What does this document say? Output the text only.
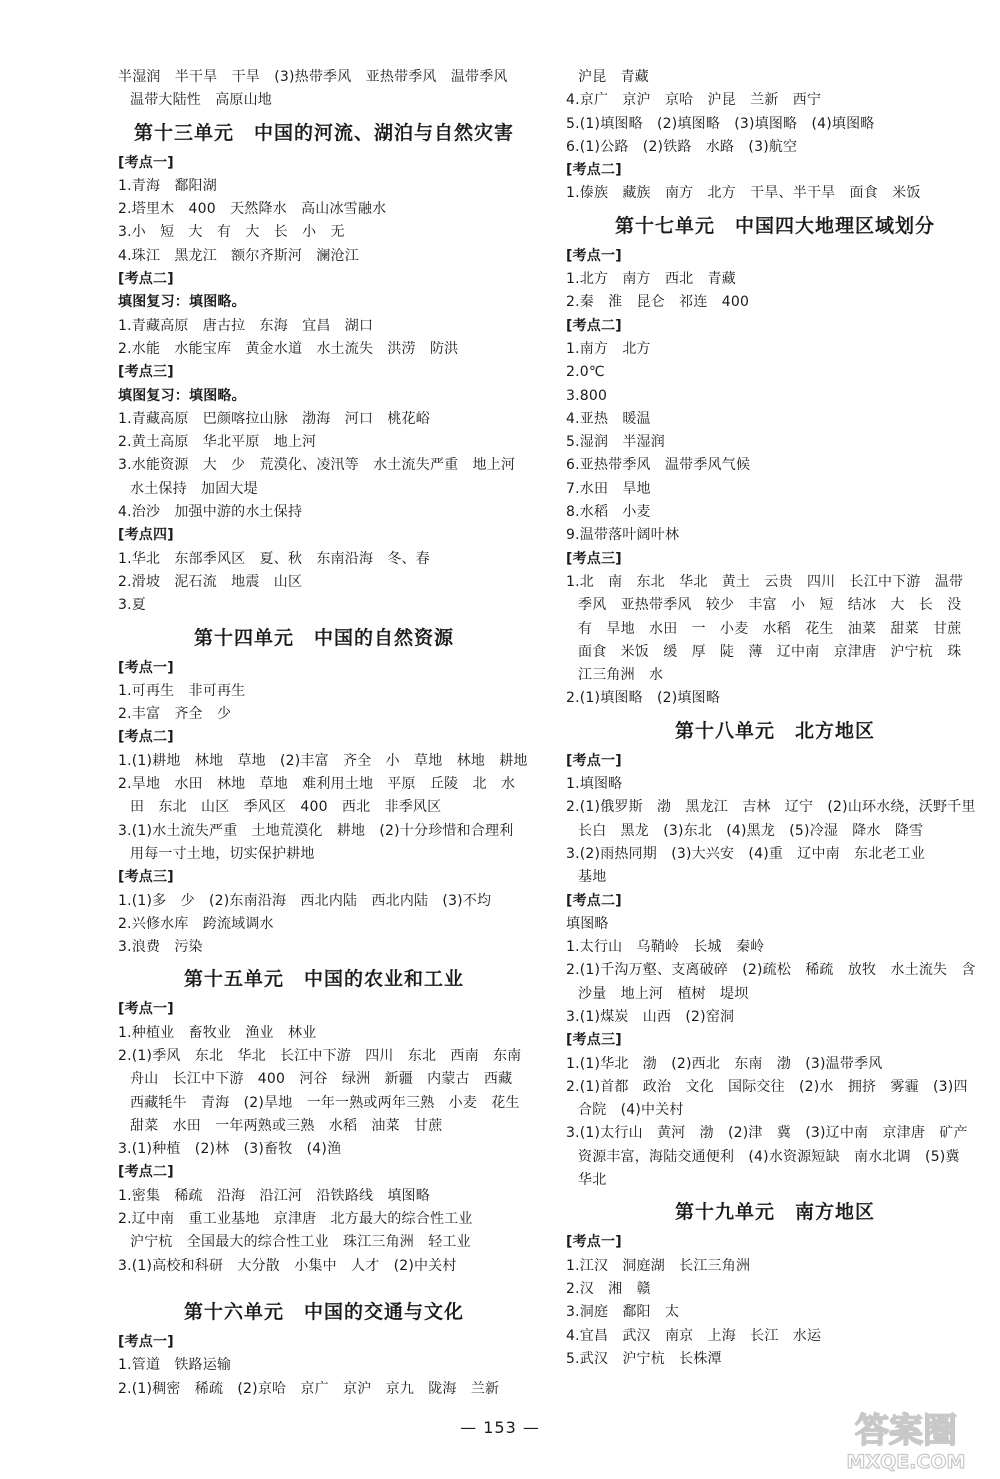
半湿润　半干旱　干旱　(3)热带季风　亚热带季风　温带季风
温带大陆性　高原山地
第十三单元　中国的河流、湖泊与自然灾害
[考点一]
1.青海　鄱阳湖
2.塔里木　400　天然降水　高山冰雪融水
3.小　短　大　有　大　长　小　无
4.珠江　黑龙江　额尔齐斯河　澜沧江
[考点二]
填图复习：填图略。
1.青藏高原　唐古拉　东海　宜昌　湖口
2.水能　水能宝库　黄金水道　水土流失　洪涝　防洪
[考点三]
填图复习：填图略。
1.青藏高原　巴颜喀拉山脉　渤海　河口　桃花峪
2.黄土高原　华北平原　地上河
3.水能资源　大　少　荒漠化、凌汛等　水土流失严重　地上河
水土保持　加固大堤
4.治沙　加强中游的水土保持
[考点四]
1.华北　东部季风区　夏、秋　东南沿海　冬、春
2.滑坡　泥石流　地震　山区
3.夏
第十四单元　中国的自然资源
[考点一]
1.可再生　非可再生
2.丰富　齐全　少
[考点二]
1.(1)耕地　林地　草地　(2)丰富　齐全　小　草地　林地　耕地
2.旱地　水田　林地　草地　难利用土地　平原　丘陵　北　水
田　东北　山区　季风区　400　西北　非季风区
3.(1)水土流失严重　土地荒漠化　耕地　(2)十分珍惜和合理利
用每一寸土地，切实保护耕地
[考点三]
1.(1)多　少　(2)东南沿海　西北内陆　西北内陆　(3)不均
2.兴修水库　跨流域调水
3.浪费　污染
第十五单元　中国的农业和工业
[考点一]
1.种植业　畜牧业　渔业　林业
2.(1)季风　东北　华北　长江中下游　四川　东北　西南　东南
舟山　长江中下游　400　河谷　绿洲　新疆　内蒙古　西藏
西藏牦牛　青海　(2)旱地　一年一熟或两年三熟　小麦　花生
甜菜　水田　一年两熟或三熟　水稻　油菜　甘蔗
3.(1)种植　(2)林　(3)畜牧　(4)渔
[考点二]
1.密集　稀疏　沿海　沿江河　沿铁路线　填图略
2.辽中南　重工业基地　京津唐　北方最大的综合性工业
沪宁杭　全国最大的综合性工业　珠江三角洲　轻工业
3.(1)高校和科研　大分散　小集中　人才　(2)中关村
第十六单元　中国的交通与文化
[考点一]
1.管道　铁路运输
2.(1)稠密　稀疏　(2)京哈　京广　京沪　京九　陇海　兰新
沪昆　青藏
4.京广　京沪　京哈　沪昆　兰新　西宁
5.(1)填图略　(2)填图略　(3)填图略　(4)填图略
6.(1)公路　(2)铁路　水路　(3)航空
[考点二]
1.傣族　藏族　南方　北方　干旱、半干旱　面食　米饭
第十七单元　中国四大地理区域划分
[考点一]
1.北方　南方　西北　青藏
2.秦　淮　昆仑　祁连　400
[考点二]
1.南方　北方
2.0℃
3.800
4.亚热　暖温
5.湿润　半湿润
6.亚热带季风　温带季风气候
7.水田　旱地
8.水稻　小麦
9.温带落叶阔叶林
[考点三]
1.北　南　东北　华北　黄土　云贵　四川　长江中下游　温带
季风　亚热带季风　较少　丰富　小　短　结冰　大　长　没
有　旱地　水田　一　小麦　水稻　花生　油菜　甜菜　甘蔗
面食　米饭　缓　厚　陡　薄　辽中南　京津唐　沪宁杭　珠
江三角洲　水
2.(1)填图略　(2)填图略
第十八单元　北方地区
[考点一]
1.填图略
2.(1)俄罗斯　渤　黑龙江　吉林　辽宁　(2)山环水绕，沃野千里
长白　黑龙　(3)东北　(4)黑龙　(5)冷湿　降水　降雪
3.(2)雨热同期　(3)大兴安　(4)重　辽中南　东北老工业
基地
[考点二]
填图略
1.太行山　乌鞘岭　长城　秦岭
2.(1)千沟万壑、支离破碎　(2)疏松　稀疏　放牧　水土流失　含
沙量　地上河　植树　堤坝
3.(1)煤炭　山西　(2)窑洞
[考点三]
1.(1)华北　渤　(2)西北　东南　渤　(3)温带季风
2.(1)首都　政治　文化　国际交往　(2)水　拥挤　雾霾　(3)四
合院　(4)中关村
3.(1)太行山　黄河　渤　(2)津　冀　(3)辽中南　京津唐　矿产
资源丰富，海陆交通便利　(4)水资源短缺　南水北调　(5)冀
华北
第十九单元　南方地区
[考点一]
1.江汉　洞庭湖　长江三角洲
2.汉　湘　赣
3.洞庭　鄱阳　太
4.宜昌　武汉　南京　上海　长江　水运
5.武汉　沪宁杭　长株潭
— 153 —	答案圈
MXQE.COM
